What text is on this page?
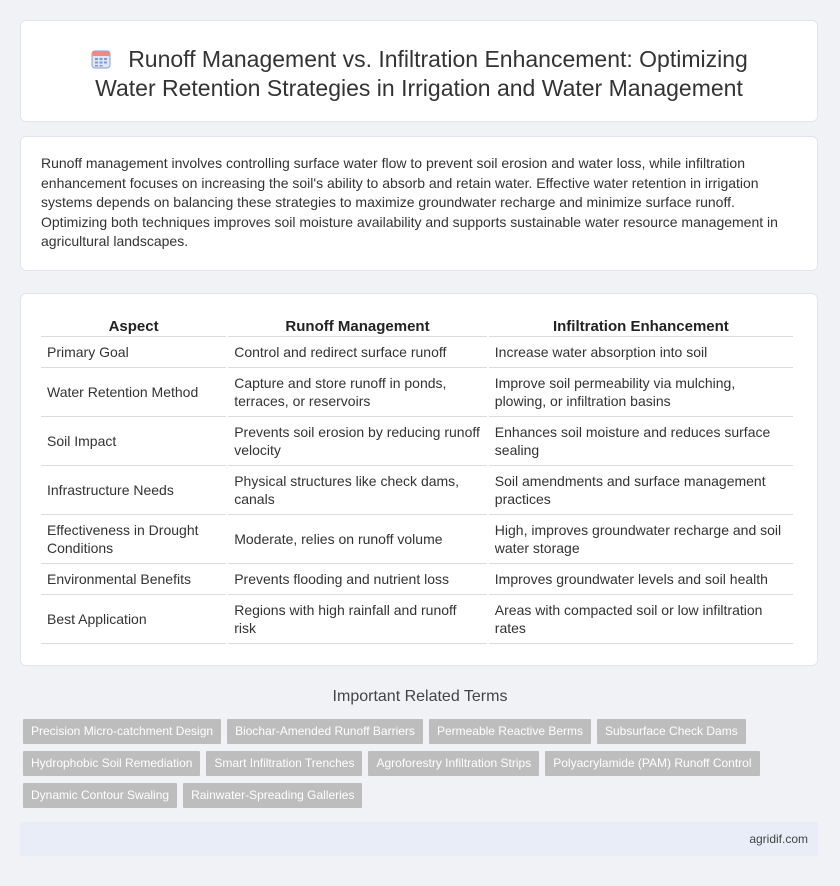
Runoff Management vs. Infiltration Enhancement: Optimizing
Water Retention Strategies in Irrigation and Water Management

Runoff management involves controlling surface water flow to prevent soil erosion and water loss, while infiltration enhancement focuses on increasing the soil's ability to absorb and retain water. Effective water retention in irrigation systems depends on balancing these strategies to maximize groundwater recharge and minimize surface runoff. Optimizing both techniques improves soil moisture availability and supports sustainable water resource management in agricultural landscapes.

Aspect	Runoff Management	Infiltration Enhancement
Primary Goal	Control and redirect surface runoff	Increase water absorption into soil
Water Retention Method	Capture and store runoff in ponds, terraces, or reservoirs	Improve soil permeability via mulching, plowing, or infiltration basins
Soil Impact	Prevents soil erosion by reducing runoff velocity	Enhances soil moisture and reduces surface sealing
Infrastructure Needs	Physical structures like check dams, canals	Soil amendments and surface management practices
Effectiveness in Drought Conditions	Moderate, relies on runoff volume	High, improves groundwater recharge and soil water storage
Environmental Benefits	Prevents flooding and nutrient loss	Improves groundwater levels and soil health
Best Application	Regions with high rainfall and runoff risk	Areas with compacted soil or low infiltration rates
Important Related Terms
Precision Micro-catchment Design Biochar-Amended Runoff Barriers Permeable Reactive Berms Subsurface Check Dams
Hydrophobic Soil Remediation Smart Infiltration Trenches Agroforestry Infiltration Strips Polyacrylamide (PAM) Runoff Control
Dynamic Contour Swaling Rainwater-Spreading Galleries
agridif.com
